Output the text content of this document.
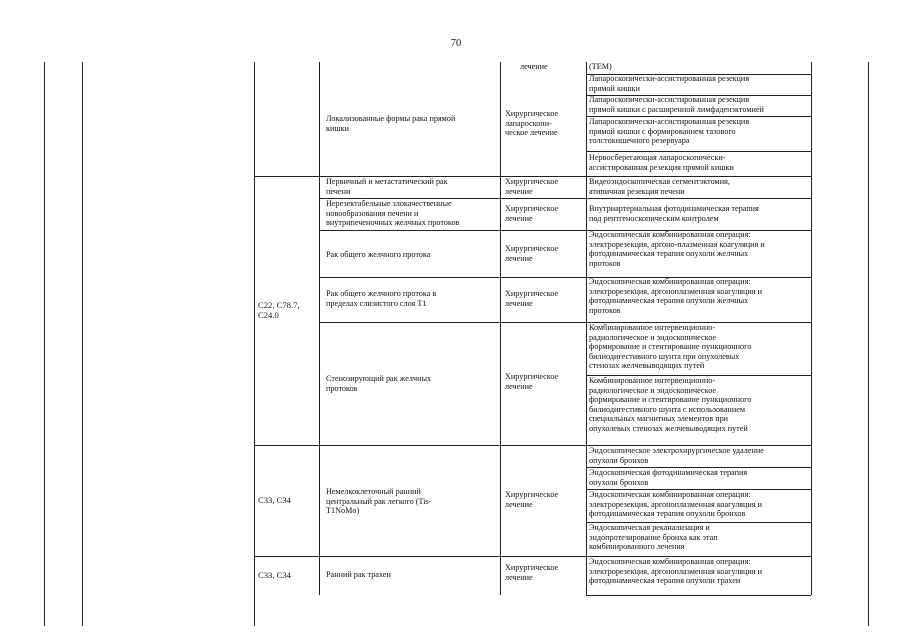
70
лечение	(ТЕМ)
Локализованные формы рака прямой
кишки
Хирургическое
лапароскопи-
ческое лечение
Лапароскопически-ассистированная резекция
прямой кишки
Лапароскопически-ассистированная резекция
прямой кишки с расширенной лимфаденэктомией
Лапароскопически-ассистированная резекция
прямой кишки с формированием тазового
толстокишечного резервуара
Нервосберегающая лапароскопически-
ассистированная резекция прямой кишки
С22, С78.7,
С24.0
Первичный и метастатический рак
печени
Хирургическое
лечение
Видеоэндоскопическая сегментэктомия,
атипичная резекция печени
Нерезектабельные злокачественные
новообразования печени и
внутрипеченочных желчных протоков
Хирургическое
лечение
Внутриартериальная фотодинамическая терапия
под рентгеноскопическим контролем
Рак общего желчного протока
Хирургическое
лечение
Эндоскопическая комбинированная операция:
электрорезекция, аргоно-плазменная коагуляция и
фотодинамическая терапия опухоли желчных
протоков
Рак общего желчного протока в
пределах слизистого слоя Т1
Хирургическое
лечение
Эндоскопическая комбинированная операция:
электрорезекция, аргоноплазменная коагуляция и
фотодинамическая терапия опухоли желчных
протоков
Стенозирующий рак желчных
протоков
Хирургическое
лечение
Комбинированное интервенционно-
радиологическое и эндоскопическое
формирование и стентирование пункционного
билиодигестивного шунта при опухолевых
стенозах желчевыводящих путей
Комбинированное интервенционно-
радиологическое и эндоскопическое
формирование и стентирование пункционного
билиодигестивного шунта с использованием
специальных магнитных элементов при
опухолевых стенозах желчевыводящих путей
С33, С34
Немелкоклеточный ранний
центральный рак легкого (Tis-
T1NoMo)
Хирургическое
лечение
Эндоскопическое электрохирургическое удаление
опухоли бронхов
Эндоскопическая фотодинамическая терапия
опухоли бронхов
Эндоскопическая комбинированная операция:
электрорезекция, аргоноплазменная коагуляция и
фотодинамическая терапия опухоли бронхов
Эндоскопическая реканализация и
эндопротезирование бронха как этап
комбинированного лечения
С33, С34	Ранний рак трахеи
Хирургическое
лечение
Эндоскопическая комбинированная операция:
электрорезекция, аргоноплазменная коагуляция и
фотодинамическая терапия опухоли трахеи
